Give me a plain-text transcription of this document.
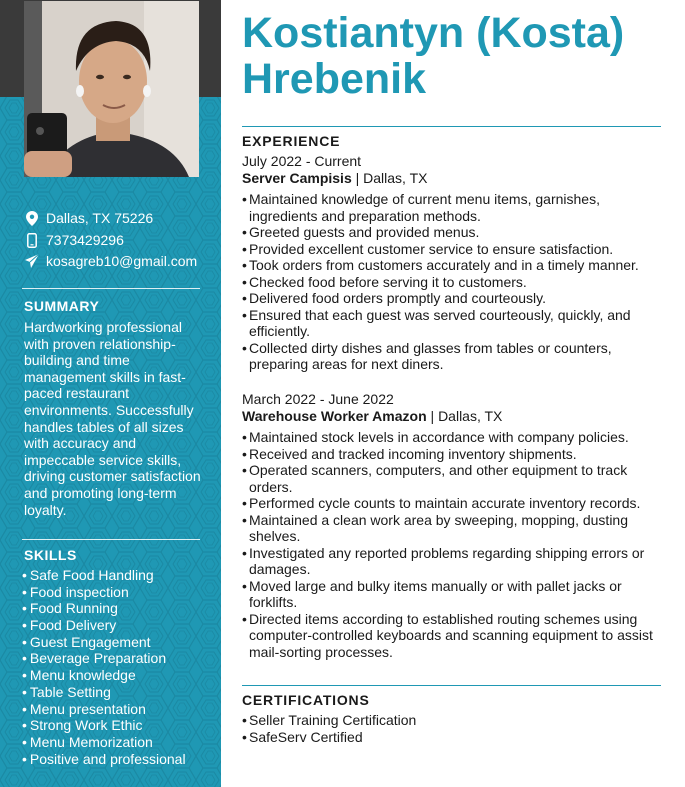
Dallas, TX 75226
7373429296
kosagreb10@gmail.com
SUMMARY
Hardworking professional with proven relationship-building and time management skills in fast-paced restaurant environments. Successfully handles tables of all sizes with accuracy and impeccable service skills, driving customer satisfaction and promoting long-term loyalty.
SKILLS
• Safe Food Handling
• Food inspection
• Food Running
• Food Delivery
• Guest Engagement
• Beverage Preparation
• Menu knowledge
• Table Setting
• Menu presentation
• Strong Work Ethic
• Menu Memorization
• Positive and professional
Kostiantyn (Kosta) Hrebenik
EXPERIENCE
July 2022 - Current
Server Campisis | Dallas, TX
• Maintained knowledge of current menu items, garnishes, ingredients and preparation methods.
• Greeted guests and provided menus.
• Provided excellent customer service to ensure satisfaction.
• Took orders from customers accurately and in a timely manner.
• Checked food before serving it to customers.
• Delivered food orders promptly and courteously.
• Ensured that each guest was served courteously, quickly, and efficiently.
• Collected dirty dishes and glasses from tables or counters, preparing areas for next diners.
March 2022 - June 2022
Warehouse Worker Amazon | Dallas, TX
• Maintained stock levels in accordance with company policies.
• Received and tracked incoming inventory shipments.
• Operated scanners, computers, and other equipment to track orders.
• Performed cycle counts to maintain accurate inventory records.
• Maintained a clean work area by sweeping, mopping, dusting shelves.
• Investigated any reported problems regarding shipping errors or damages.
• Moved large and bulky items manually or with pallet jacks or forklifts.
• Directed items according to established routing schemes using computer-controlled keyboards and scanning equipment to assist mail-sorting processes.
CERTIFICATIONS
• Seller Training Certification
• SafeServ Certified
